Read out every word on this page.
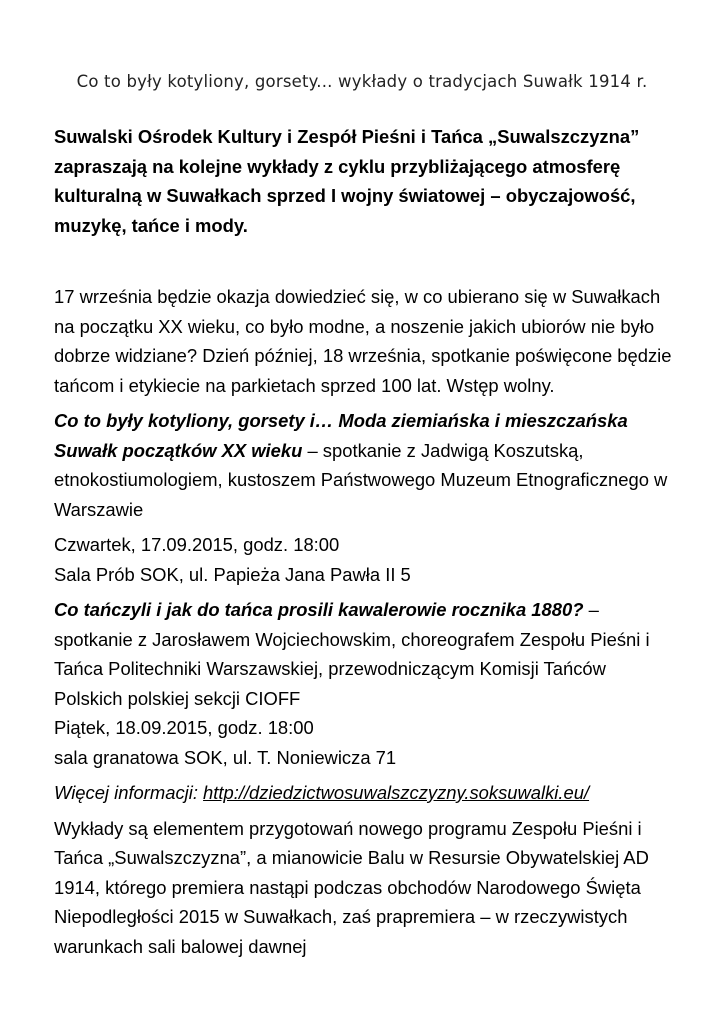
Co to były kotyliony, gorsety... wykłady o tradycjach Suwałk 1914 r.

Suwalski Ośrodek Kultury i Zespół Pieśni i Tańca „Suwalszczyzna” zapraszają na kolejne wykłady z cyklu przybliżającego atmosferę kulturalną w Suwałkach sprzed I wojny światowej – obyczajowość, muzykę, tańce i mody.

17 września będzie okazja dowiedzieć się, w co ubierano się w Suwałkach na początku XX wieku, co było modne, a noszenie jakich ubiorów nie było dobrze widziane? Dzień później, 18 września, spotkanie poświęcone będzie tańcom i etykiecie na parkietach sprzed 100 lat. Wstęp wolny.

Co to były kotyliony, gorsety i… Moda ziemiańska i mieszczańska Suwałk początków XX wieku – spotkanie z Jadwigą Koszutską, etnokostiumologiem, kustoszem Państwowego Muzeum Etnograficznego w Warszawie

Czwartek, 17.09.2015, godz. 18:00

Sala Prób SOK, ul. Papieża Jana Pawła II 5

Co tańczyli i jak do tańca prosili kawalerowie rocznika 1880? – spotkanie z Jarosławem Wojciechowskim, choreografem Zespołu Pieśni i Tańca Politechniki Warszawskiej, przewodniczącym Komisji Tańców Polskich polskiej sekcji CIOFF

Piątek, 18.09.2015, godz. 18:00

sala granatowa SOK, ul. T. Noniewicza 71

Więcej informacji: http://dziedzictwosuwalszczyzny.soksuwalki.eu/

Wykłady są elementem przygotowań nowego programu Zespołu Pieśni i Tańca „Suwalszczyzna”, a mianowicie Balu w Resursie Obywatelskiej AD 1914, którego premiera nastąpi podczas obchodów Narodowego Święta Niepodległości 2015 w Suwałkach, zaś prapremiera – w rzeczywistych warunkach sali balowej dawnej
